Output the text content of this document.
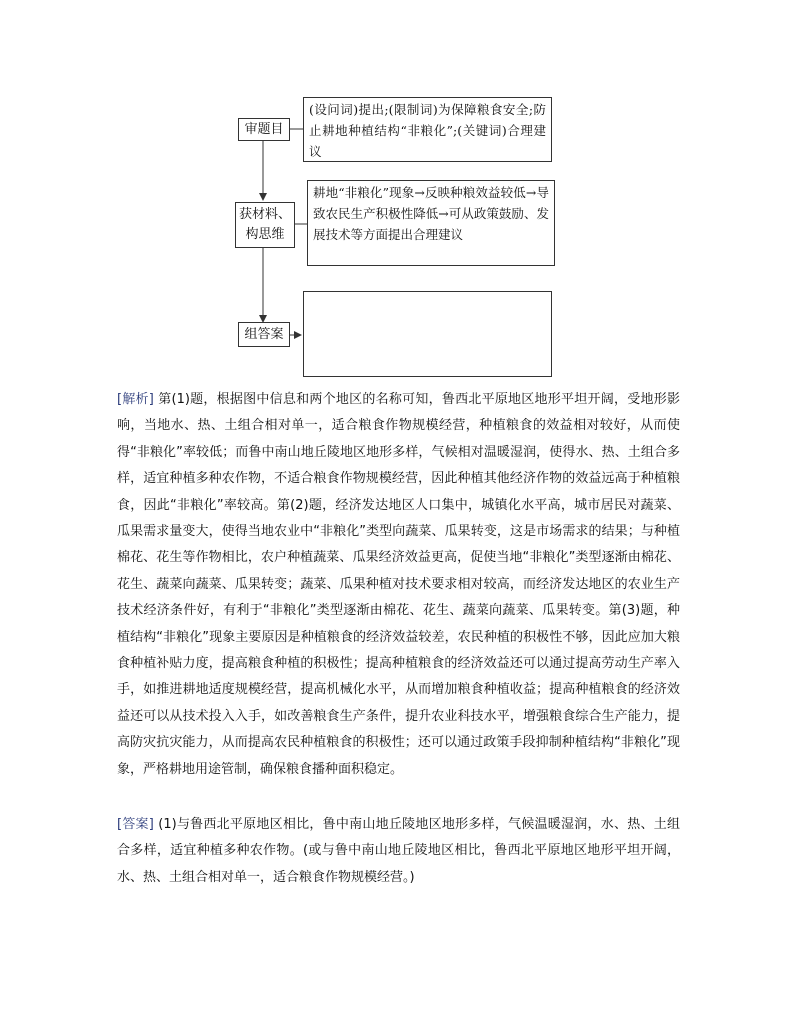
审题目
(设问词)提出;(限制词)为保障粮食安全;防止耕地种植结构“非粮化”;(关键词)合理建议
获材料、构思维
耕地“非粮化”现象→反映种粮效益较低→导致农民生产积极性降低→可从政策鼓励、发展技术等方面提出合理建议
组答案
[解析] 第(1)题，根据图中信息和两个地区的名称可知，鲁西北平原地区地形平坦开阔，受地形影响，当地水、热、土组合相对单一，适合粮食作物规模经营，种植粮食的效益相对较好，从而使得“非粮化”率较低；而鲁中南山地丘陵地区地形多样，气候相对温暖湿润，使得水、热、土组合多样，适宜种植多种农作物，不适合粮食作物规模经营，因此种植其他经济作物的效益远高于种植粮食，因此“非粮化”率较高。第(2)题，经济发达地区人口集中，城镇化水平高，城市居民对蔬菜、瓜果需求量变大，使得当地农业中“非粮化”类型向蔬菜、瓜果转变，这是市场需求的结果；与种植棉花、花生等作物相比，农户种植蔬菜、瓜果经济效益更高，促使当地“非粮化”类型逐渐由棉花、花生、蔬菜向蔬菜、瓜果转变；蔬菜、瓜果种植对技术要求相对较高，而经济发达地区的农业生产技术经济条件好，有利于“非粮化”类型逐渐由棉花、花生、蔬菜向蔬菜、瓜果转变。第(3)题，种植结构“非粮化”现象主要原因是种植粮食的经济效益较差，农民种植的积极性不够，因此应加大粮食种植补贴力度，提高粮食种植的积极性；提高种植粮食的经济效益还可以通过提高劳动生产率入手，如推进耕地适度规模经营，提高机械化水平，从而增加粮食种植收益；提高种植粮食的经济效益还可以从技术投入入手，如改善粮食生产条件，提升农业科技水平，增强粮食综合生产能力，提高防灾抗灾能力，从而提高农民种植粮食的积极性；还可以通过政策手段抑制种植结构“非粮化”现象，严格耕地用途管制，确保粮食播种面积稳定。
[答案] (1)与鲁西北平原地区相比，鲁中南山地丘陵地区地形多样，气候温暖湿润，水、热、土组合多样，适宜种植多种农作物。(或与鲁中南山地丘陵地区相比，鲁西北平原地区地形平坦开阔，水、热、土组合相对单一，适合粮食作物规模经营。)
